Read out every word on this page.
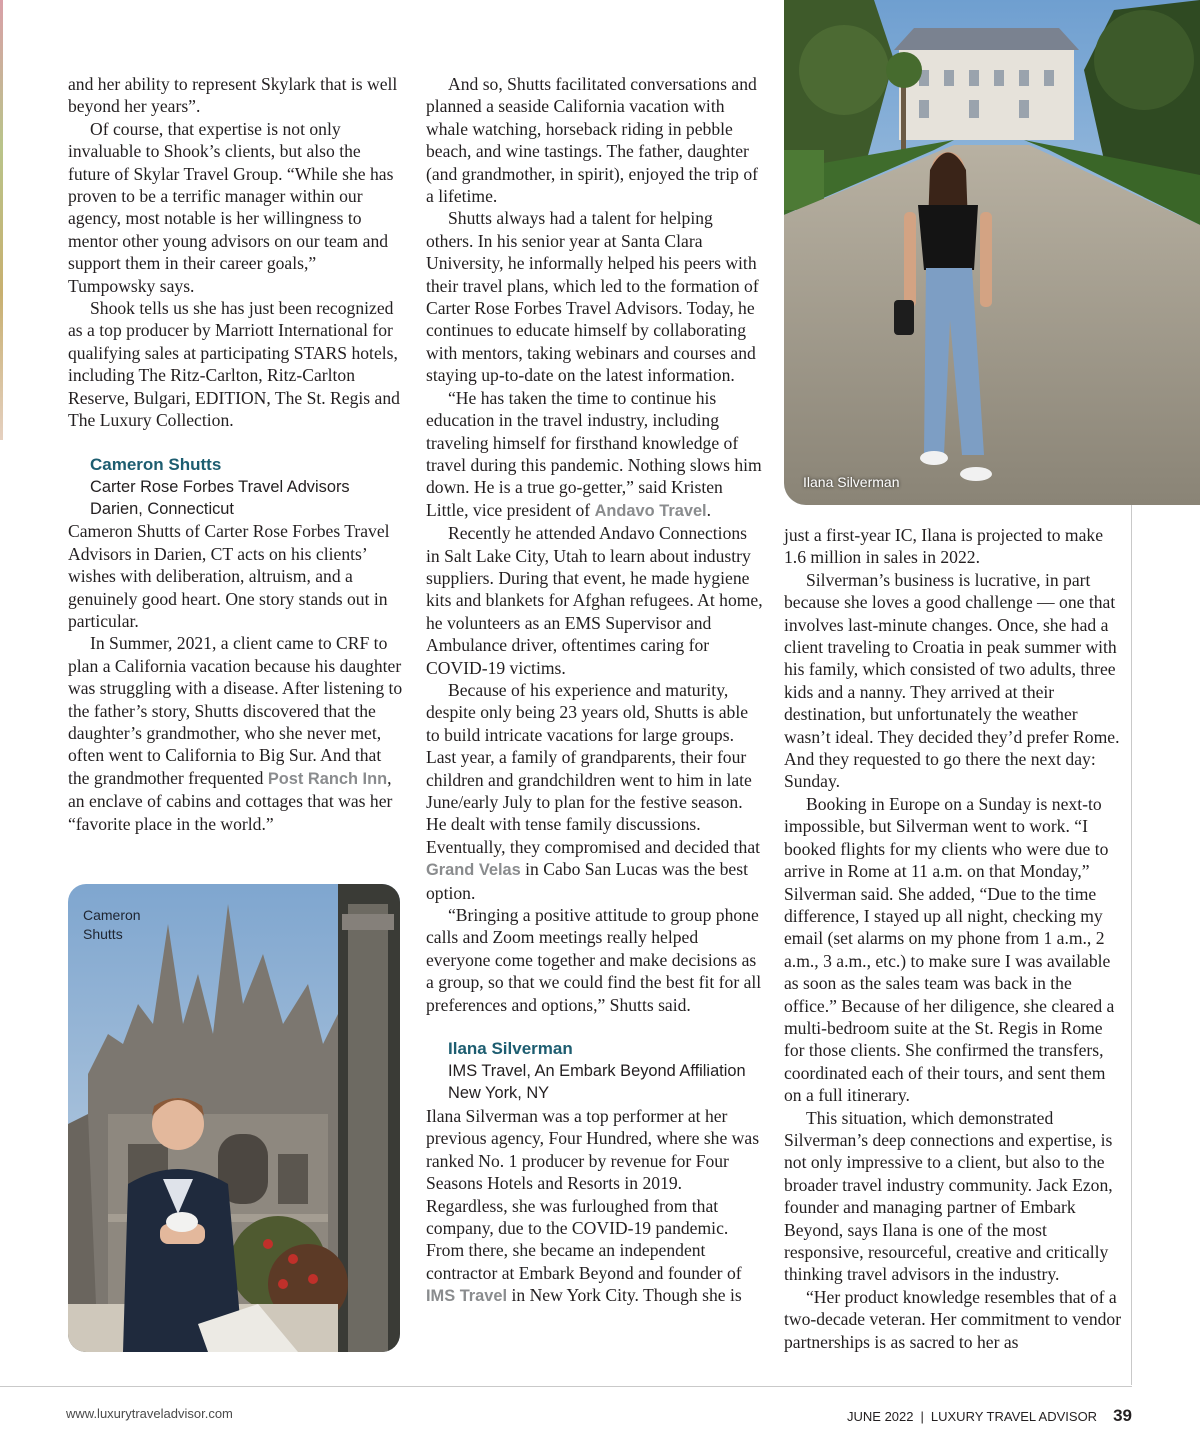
and her ability to represent Skylark that is well beyond her years”.

Of course, that expertise is not only invaluable to Shook’s clients, but also the future of Skylar Travel Group. “While she has proven to be a terrific manager within our agency, most notable is her willingness to mentor other young advisors on our team and support them in their career goals,” Tumpowsky says.

Shook tells us she has just been recognized as a top producer by Marriott International for qualifying sales at participating STARS hotels, including The Ritz-Carlton, Ritz-Carlton Reserve, Bulgari, EDITION, The St. Regis and The Luxury Collection.

Cameron Shutts

Carter Rose Forbes Travel Advisors

Darien, Connecticut

Cameron Shutts of Carter Rose Forbes Travel Advisors in Darien, CT acts on his clients’ wishes with deliberation, altruism, and a genuinely good heart. One story stands out in particular.

In Summer, 2021, a client came to CRF to plan a California vacation because his daughter was struggling with a disease. After listening to the father’s story, Shutts discovered that the daughter’s grandmother, who she never met, often went to California to Big Sur. And that the grandmother frequented Post Ranch Inn, an enclave of cabins and cottages that was her “favorite place in the world.”

And so, Shutts facilitated conversations and planned a seaside California vacation with whale watching, horseback riding in pebble beach, and wine tastings. The father, daughter (and grandmother, in spirit), enjoyed the trip of a lifetime.

Shutts always had a talent for helping others. In his senior year at Santa Clara University, he informally helped his peers with their travel plans, which led to the formation of Carter Rose Forbes Travel Advisors. Today, he continues to educate himself by collaborating with mentors, taking webinars and courses and staying up-to-date on the latest information.

“He has taken the time to continue his education in the travel industry, including traveling himself for firsthand knowledge of travel during this pandemic. Nothing slows him down. He is a true go-getter,” said Kristen Little, vice president of Andavo Travel.

Recently he attended Andavo Connections in Salt Lake City, Utah to learn about industry suppliers. During that event, he made hygiene kits and blankets for Afghan refugees. At home, he volunteers as an EMS Supervisor and Ambulance driver, oftentimes caring for COVID-19 victims.

Because of his experience and maturity, despite only being 23 years old, Shutts is able to build intricate vacations for large groups. Last year, a family of grandparents, their four children and grandchildren went to him in late June/early July to plan for the festive season. He dealt with tense family discussions. Eventually, they compromised and decided that Grand Velas in Cabo San Lucas was the best option.

“Bringing a positive attitude to group phone calls and Zoom meetings really helped everyone come together and make decisions as a group, so that we could find the best fit for all preferences and options,” Shutts said.

Ilana Silverman

IMS Travel, An Embark Beyond Affiliation

New York, NY

Ilana Silverman was a top performer at her previous agency, Four Hundred, where she was ranked No. 1 producer by revenue for Four Seasons Hotels and Resorts in 2019. Regardless, she was furloughed from that company, due to the COVID-19 pandemic. From there, she became an independent contractor at Embark Beyond and founder of IMS Travel in New York City. Though she is

just a first-year IC, Ilana is projected to make 1.6 million in sales in 2022.

Silverman’s business is lucrative, in part because she loves a good challenge — one that involves last-minute changes. Once, she had a client traveling to Croatia in peak summer with his family, which consisted of two adults, three kids and a nanny. They arrived at their destination, but unfortunately the weather wasn’t ideal. They decided they’d prefer Rome. And they requested to go there the next day: Sunday.

Booking in Europe on a Sunday is next-to impossible, but Silverman went to work. “I booked flights for my clients who were due to arrive in Rome at 11 a.m. on that Monday,” Silverman said. She added, “Due to the time difference, I stayed up all night, checking my email (set alarms on my phone from 1 a.m., 2 a.m., 3 a.m., etc.) to make sure I was available as soon as the sales team was back in the office.” Because of her diligence, she cleared a multi-bedroom suite at the St. Regis in Rome for those clients. She confirmed the transfers, coordinated each of their tours, and sent them on a full itinerary.

This situation, which demonstrated Silverman’s deep connections and expertise, is not only impressive to a client, but also to the broader travel industry community. Jack Ezon, founder and managing partner of Embark Beyond, says Ilana is one of the most responsive, resourceful, creative and critically thinking travel advisors in the industry.

“Her product knowledge resembles that of a two-decade veteran. Her commitment to vendor partnerships is as sacred to her as

Cameron Shutts
Ilana Silverman
www.luxurytraveladvisor.com	JUNE 2022 | LUXURY TRAVEL ADVISOR 39
